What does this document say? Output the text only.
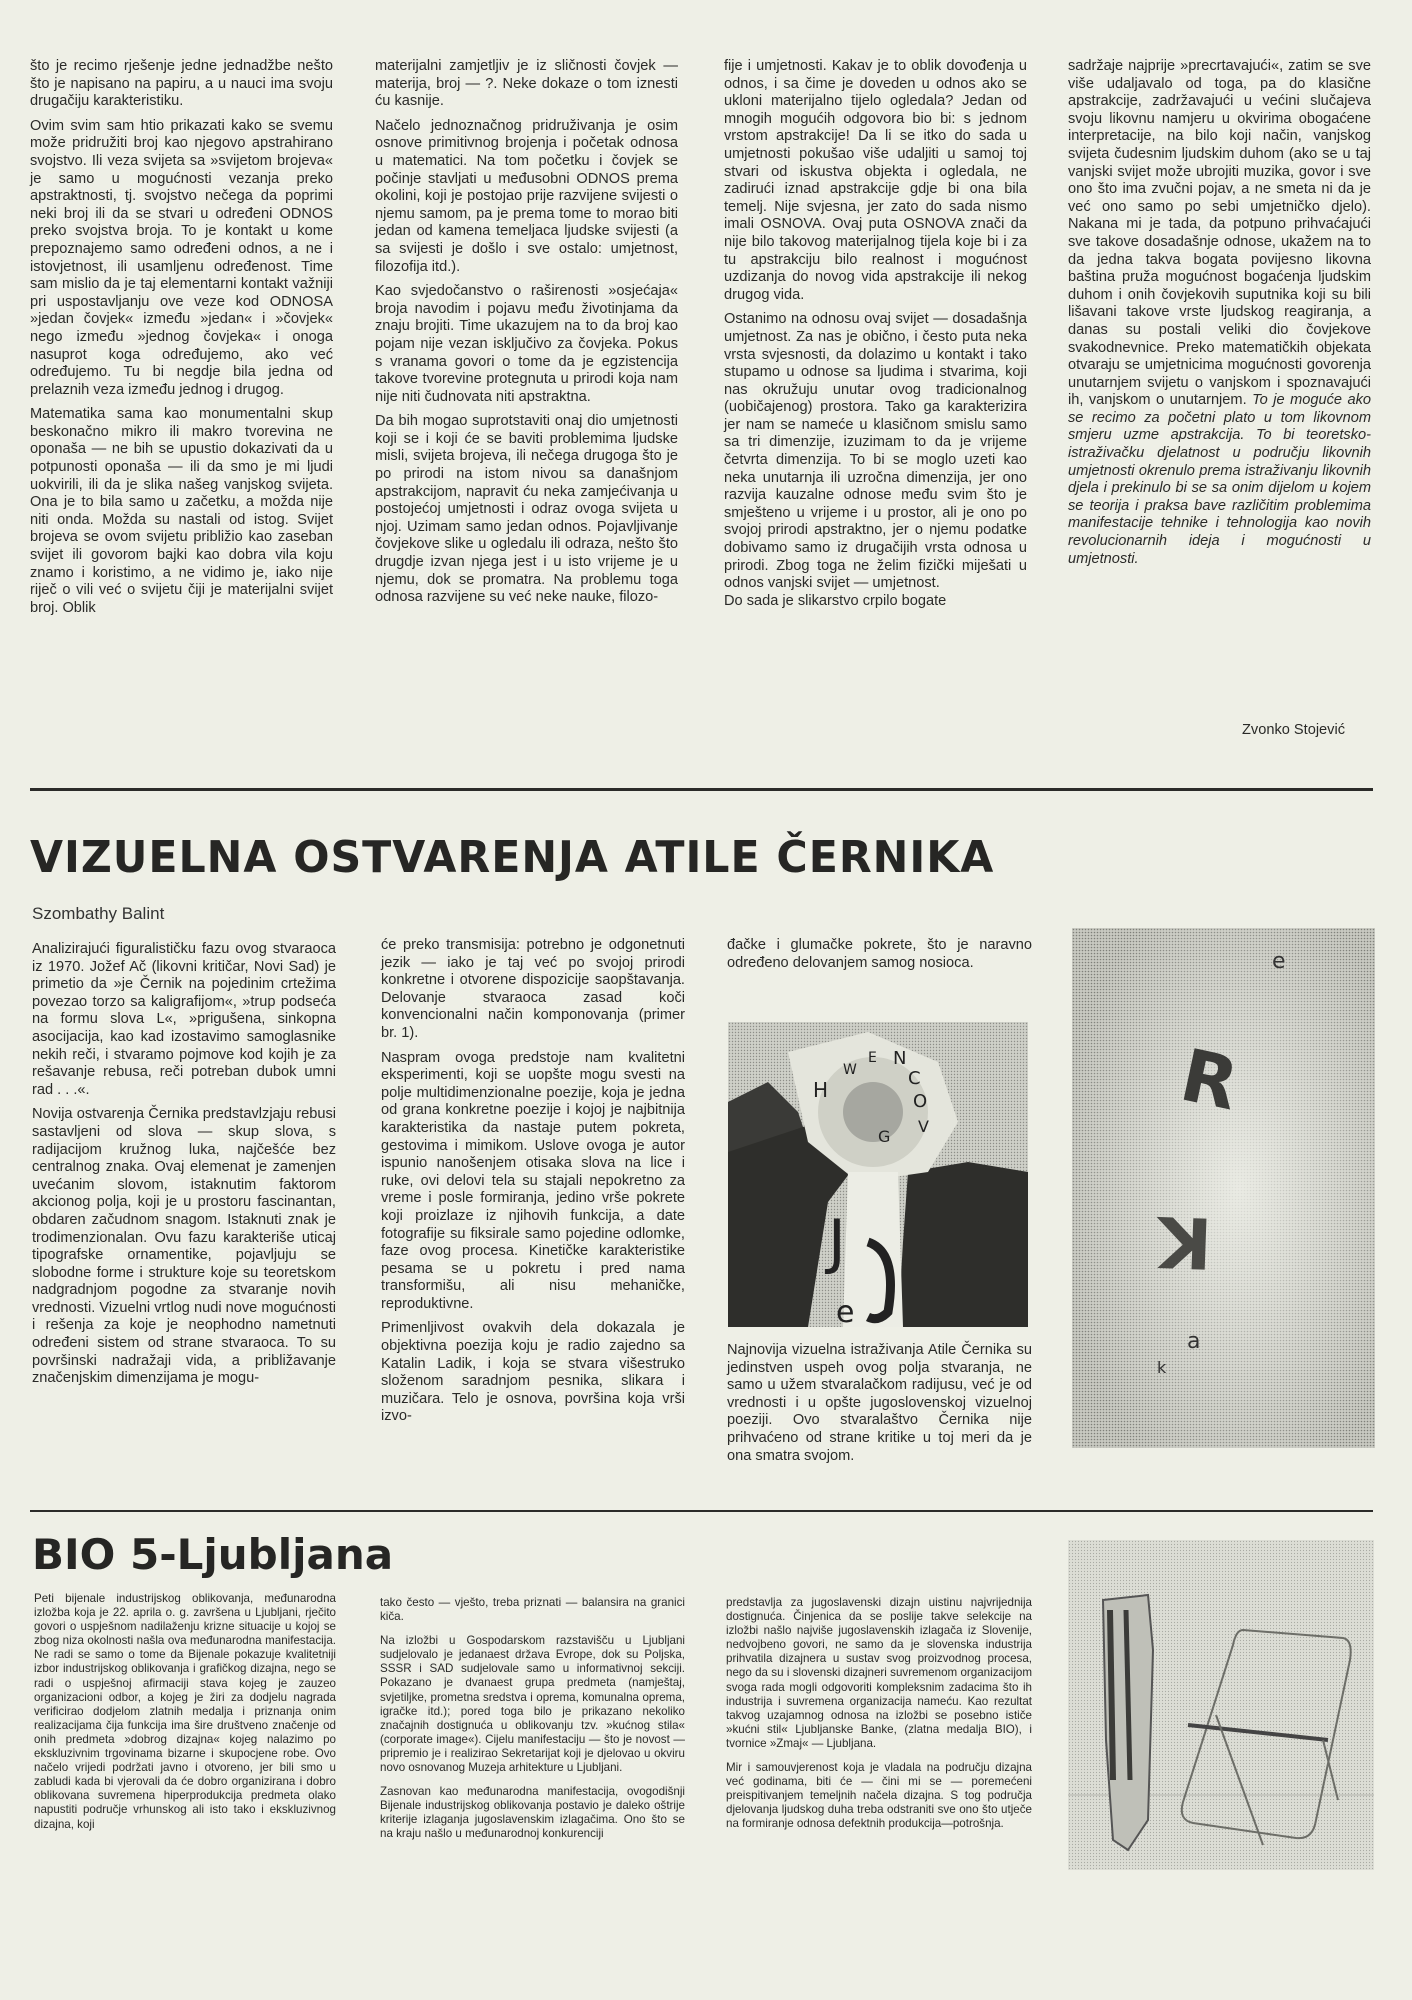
što je recimo rješenje jedne jednadžbe nešto što je napisano na papiru, a u nauci ima svoju drugačiju karakteristiku.

Ovim svim sam htio prikazati kako se svemu može pridružiti broj kao njegovo apstrahirano svojstvo. Ili veza svijeta sa »svijetom brojeva« je samo u mogućnosti vezanja preko apstraktnosti, tj. svojstvo nečega da poprimi neki broj ili da se stvari u određeni ODNOS preko svojstva broja. To je kontakt u kome prepoznajemo samo određeni odnos, a ne i istovjetnost, ili usamljenu određenost. Time sam mislio da je taj elementarni kontakt važniji pri uspostavljanju ove veze kod ODNOSA »jedan čovjek« između »jedan« i »čovjek« nego između »jednog čovjeka« i onoga nasuprot koga određujemo, ako već određujemo. Tu bi negdje bila jedna od prelaznih veza između jednog i drugog.

Matematika sama kao monumentalni skup beskonačno mikro ili makro tvorevina ne oponaša — ne bih se upustio dokazivati da u potpunosti oponaša — ili da smo je mi ljudi uokvirili, ili da je slika našeg vanjskog svijeta. Ona je to bila samo u začetku, a možda nije niti onda. Možda su nastali od istog. Svijet brojeva se ovom svijetu približio kao zaseban svijet ili govorom bajki kao dobra vila koju znamo i koristimo, a ne vidimo je, iako nije riječ o vili već o svijetu čiji je materijalni svijet broj. Oblik

materijalni zamjetljiv je iz sličnosti čovjek — materija, broj — ?. Neke dokaze o tom iznesti ću kasnije.

Načelo jednoznačnog pridruživanja je osim osnove primitivnog brojenja i početak odnosa u matematici. Na tom početku i čovjek se počinje stavljati u međusobni ODNOS prema okolini, koji je postojao prije razvijene svijesti o njemu samom, pa je prema tome to morao biti jedan od kamena temeljaca ljudske svijesti (a sa svijesti je došlo i sve ostalo: umjetnost, filozofija itd.).

Kao svjedočanstvo o raširenosti »osjećaja« broja navodim i pojavu među životinjama da znaju brojiti. Time ukazujem na to da broj kao pojam nije vezan isključivo za čovjeka. Pokus s vranama govori o tome da je egzistencija takove tvorevine protegnuta u prirodi koja nam nije niti čudnovata niti apstraktna.

Da bih mogao suprotstaviti onaj dio umjetnosti koji se i koji će se baviti problemima ljudske misli, svijeta brojeva, ili nečega drugoga što je po prirodi na istom nivou sa današnjom apstrakcijom, napravit ću neka zamjećivanja u postojećoj umjetnosti i odraz ovoga svijeta u njoj. Uzimam samo jedan odnos. Pojavljivanje čovjekove slike u ogledalu ili odraza, nešto što drugdje izvan njega jest i u isto vrijeme je u njemu, dok se promatra. Na problemu toga odnosa razvijene su već neke nauke, filozo-

fije i umjetnosti. Kakav je to oblik dovođenja u odnos, i sa čime je doveden u odnos ako se ukloni materijalno tijelo ogledala? Jedan od mnogih mogućih odgovora bio bi: s jednom vrstom apstrakcije! Da li se itko do sada u umjetnosti pokušao više udaljiti u samoj toj stvari od iskustva objekta i ogledala, ne zadirući iznad apstrakcije gdje bi ona bila temelj. Nije svjesna, jer zato do sada nismo imali OSNOVA. Ovaj puta OSNOVA znači da nije bilo takovog materijalnog tijela koje bi i za tu apstrakciju bilo realnost i mogućnost uzdizanja do novog vida apstrakcije ili nekog drugog vida.

Ostanimo na odnosu ovaj svijet — dosadašnja umjetnost. Za nas je obično, i često puta neka vrsta svjesnosti, da dolazimo u kontakt i tako stupamo u odnose sa ljudima i stvarima, koji nas okružuju unutar ovog tradicionalnog (uobičajenog) prostora. Tako ga karakterizira jer nam se nameće u klasičnom smislu samo sa tri dimenzije, izuzimam to da je vrijeme četvrta dimenzija. To bi se moglo uzeti kao neka unutarnja ili uzročna dimenzija, jer ono razvija kauzalne odnose među svim što je smješteno u vrijeme i u prostor, ali je ono po svojoj prirodi apstraktno, jer o njemu podatke dobivamo samo iz drugačijih vrsta odnosa u prirodi. Zbog toga ne želim fizički miješati u odnos vanjski svijet — umjetnost.

Do sada je slikarstvo crpilo bogate

sadržaje najprije »precrtavajući«, zatim se sve više udaljavalo od toga, pa do klasične apstrakcije, zadržavajući u većini slučajeva svoju likovnu namjeru u okvirima obogaćene interpretacije, na bilo koji način, vanjskog svijeta čudesnim ljudskim duhom (ako se u taj vanjski svijet može ubrojiti muzika, govor i sve ono što ima zvučni pojav, a ne smeta ni da je već ono samo po sebi umjetničko djelo). Nakana mi je tada, da potpuno prihvaćajući sve takove dosadašnje odnose, ukažem na to da jedna takva bogata povijesno likovna baština pruža mogućnost bogaćenja ljudskim duhom i onih čovjekovih suputnika koji su bili lišavani takove vrste ljudskog reagiranja, a danas su postali veliki dio čovjekove svakodnevnice. Preko matematičkih objekata otvaraju se umjetnicima mogućnosti govorenja unutarnjem svijetu o vanjskom i spoznavajući ih, vanjskom o unutarnjem. To je moguće ako se recimo za početni plato u tom likovnom smjeru uzme apstrakcija. To bi teoretsko-istraživačku djelatnost u području likovnih umjetnosti okrenulo prema istraživanju likovnih djela i prekinulo bi se sa onim dijelom u kojem se teorija i praksa bave različitim problemima manifestacije tehnike i tehnologija kao novih revolucionarnih ideja i mogućnosti u umjetnosti.

Zvonko Stojević
VIZUELNA OSTVARENJA ATILE ČERNIKA
Szombathy Balint

Analizirajući figuralističku fazu ovog stvaraoca iz 1970. Jožef Ač (likovni kritičar, Novi Sad) je primetio da »je Černik na pojedinim crtežima povezao torzo sa kaligrafijom«, »trup podseća na formu slova L«, »prigušena, sinkopna asocijacija, kao kad izostavimo samoglasnike nekih reči, i stvaramo pojmove kod kojih je za rešavanje rebusa, reči potreban dubok umni rad . . .«.

Novija ostvarenja Černika predstavlzjaju rebusi sastavljeni od slova — skup slova, s radijacijom kružnog luka, najčešće bez centralnog znaka. Ovaj elemenat je zamenjen uvećanim slovom, istaknutim faktorom akcionog polja, koji je u prostoru fascinantan, obdaren začudnom snagom. Istaknuti znak je trodimenzionalan. Ovu fazu karakteriše uticaj tipografske ornamentike, pojavljuju se slobodne forme i strukture koje su teoretskom nadgradnjom pogodne za stvaranje novih vrednosti. Vizuelni vrtlog nudi nove mogućnosti i rešenja za koje je neophodno nametnuti određeni sistem od strane stvaraoca. To su površinski nadražaji vida, a približavanje značenjskim dimenzijama je mogu-

će preko transmisija: potrebno je odgonetnuti jezik — iako je taj već po svojoj prirodi konkretne i otvorene dispozicije saopštavanja. Delovanje stvaraoca zasad koči konvencionalni način komponovanja (primer br. 1).

Naspram ovoga predstoje nam kvalitetni eksperimenti, koji se uopšte mogu svesti na polje multidimenzionalne poezije, koja je jedna od grana konkretne poezije i kojoj je najbitnija karakteristika da nastaje putem pokreta, gestovima i mimikom. Uslove ovoga je autor ispunio nanošenjem otisaka slova na lice i ruke, ovi delovi tela su stajali nepokretno za vreme i posle formiranja, jedino vrše pokrete koji proizlaze iz njihovih funkcija, a date fotografije su fiksirale samo pojedine odlomke, faze ovog procesa. Kinetičke karakteristike pesama se u pokretu i pred nama transformišu, ali nisu mehaničke, reproduktivne.

Primenljivost ovakvih dela dokazala je objektivna poezija koju je radio zajedno sa Katalin Ladik, i koja se stvara višestruko složenom saradnjom pesnika, slikara i muzičara. Telo je osnova, površina koja vrši izvo-

đačke i glumačke pokrete, što je naravno određeno delovanjem samog nosioca.

H
W
E N
C
O
V
G
J
e

Najnovija vizuelna istraživanja Atile Černika su jedinstven uspeh ovog polja stvaranja, ne samo u užem stvaralačkom radijusu, već je od vrednosti i u opšte jugoslovenskoj vizuelnoj poeziji. Ovo stvaralaštvo Černika nije prihvaćeno od strane kritike u toj meri da je ona smatra svojom.

e
R
K
a
k
BIO 5-Ljubljana

Peti bijenale industrijskog oblikovanja, međunarodna izložba koja je 22. aprila o. g. završena u Ljubljani, rječito govori o uspješnom nadilaženju krizne situacije u kojoj se zbog niza okolnosti našla ova međunarodna manifestacija. Ne radi se samo o tome da Bijenale pokazuje kvalitetniji izbor industrijskog oblikovanja i grafičkog dizajna, nego se radi o uspješnoj afirmaciji stava kojeg je zauzeo organizacioni odbor, a kojeg je žiri za dodjelu nagrada verificirao dodjelom zlatnih medalja i priznanja onim realizacijama čija funkcija ima šire društveno značenje od onih predmeta »dobrog dizajna« kojeg nalazimo po ekskluzivnim trgovinama bizarne i skupocjene robe. Ovo načelo vrijedi podržati javno i otvoreno, jer bili smo u zabludi kada bi vjerovali da će dobro organizirana i dobro oblikovana suvremena hiperprodukcija predmeta olako napustiti područje vrhunskog ali isto tako i ekskluzivnog dizajna, koji

tako često — vješto, treba priznati — balansira na granici kiča.

Na izložbi u Gospodarskom razstavišču u Ljubljani sudjelovalo je jedanaest država Evrope, dok su Poljska, SSSR i SAD sudjelovale samo u informativnoj sekciji. Pokazano je dvanaest grupa predmeta (namještaj, svjetiljke, prometna sredstva i oprema, komunalna oprema, igračke itd.); pored toga bilo je prikazano nekoliko značajnih dostignuća u oblikovanju tzv. »kućnog stila« (corporate image«). Cijelu manifestaciju — što je novost — pripremio je i realizirao Sekretarijat koji je djelovao u okviru novo osnovanog Muzeja arhitekture u Ljubljani.

Zasnovan kao međunarodna manifestacija, ovogodišnji Bijenale industrijskog oblikovanja postavio je daleko oštrije kriterije izlaganja jugoslavenskim izlagačima. Ono što se na kraju našlo u međunarodnoj konkurenciji

predstavlja za jugoslavenski dizajn uistinu najvrijednija dostignuća. Činjenica da se poslije takve selekcije na izložbi našlo najviše jugoslavenskih izlagača iz Slovenije, nedvojbeno govori, ne samo da je slovenska industrija prihvatila dizajnera u sustav svog proizvodnog procesa, nego da su i slovenski dizajneri suvremenom organizacijom svoga rada mogli odgovoriti kompleksnim zadacima što ih industrija i suvremena organizacija nameću. Kao rezultat takvog uzajamnog odnosa na izložbi se posebno ističe »kućni stil« Ljubljanske Banke, (zlatna medalja BIO), i tvornice »Zmaj« — Ljubljana.

Mir i samouvjerenost koja je vladala na području dizajna već godinama, biti će — čini mi se — poremećeni preispitivanjem temeljnih načela dizajna. S tog područja djelovanja ljudskog duha treba odstraniti sve ono što utječe na formiranje odnosa defektnih produkcija—potrošnja.
